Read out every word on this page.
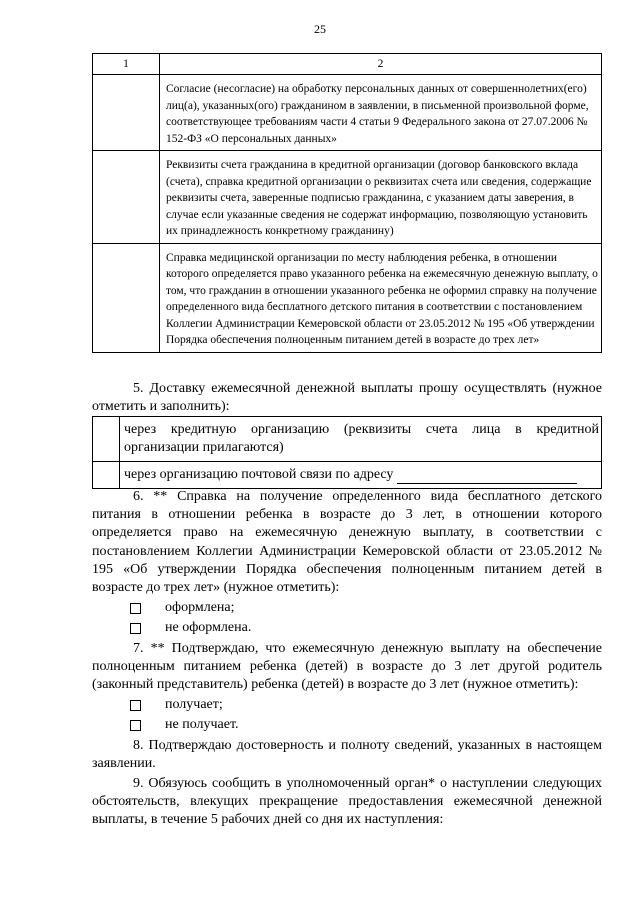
25
1	2
	Согласие (несогласие) на обработку персональных данных от совершеннолетних(его) лиц(а), указанных(ого) гражданином в заявлении, в письменной произвольной форме, соответствующее требованиям части 4 статьи 9 Федерального закона от 27.07.2006 № 152-ФЗ «О персональных данных»
	Реквизиты счета гражданина в кредитной организации (договор банковского вклада (счета), справка кредитной организации о реквизитах счета или сведения, содержащие реквизиты счета, заверенные подписью гражданина, с указанием даты заверения, в случае если указанные сведения не содержат информацию, позволяющую установить их принадлежность конкретному гражданину)
	Справка медицинской организации по месту наблюдения ребенка, в отношении которого определяется право указанного ребенка на ежемесячную денежную выплату, о том, что гражданин в отношении указанного ребенка не оформил справку на получение определенного вида бесплатного детского питания в соответствии с постановлением Коллегии Администрации Кемеровской области от 23.05.2012 № 195 «Об утверждении Порядка обеспечения полноценным питанием детей в возрасте до трех лет»

5. Доставку ежемесячной денежной выплаты прошу осуществлять (нужное отметить и заполнить):

	через кредитную организацию (реквизиты счета лица в кредитной организации прилагаются)
	через организацию почтовой связи по адресу

6. ** Справка на получение определенного вида бесплатного детского питания в отношении ребенка в возрасте до 3 лет, в отношении которого определяется право на ежемесячную денежную выплату, в соответствии с постановлением Коллегии Администрации Кемеровской области от 23.05.2012 № 195 «Об утверждении Порядка обеспечения полноценным питанием детей в возрасте до трех лет» (нужное отметить):

оформлена;

не оформлена.

7. ** Подтверждаю, что ежемесячную денежную выплату на обеспечение полноценным питанием ребенка (детей) в возрасте до 3 лет другой родитель (законный представитель) ребенка (детей) в возрасте до 3 лет (нужное отметить):

получает;

не получает.

8. Подтверждаю достоверность и полноту сведений, указанных в настоящем заявлении.

9. Обязуюсь сообщить в уполномоченный орган* о наступлении следующих обстоятельств, влекущих прекращение предоставления ежемесячной денежной выплаты, в течение 5 рабочих дней со дня их наступления:
